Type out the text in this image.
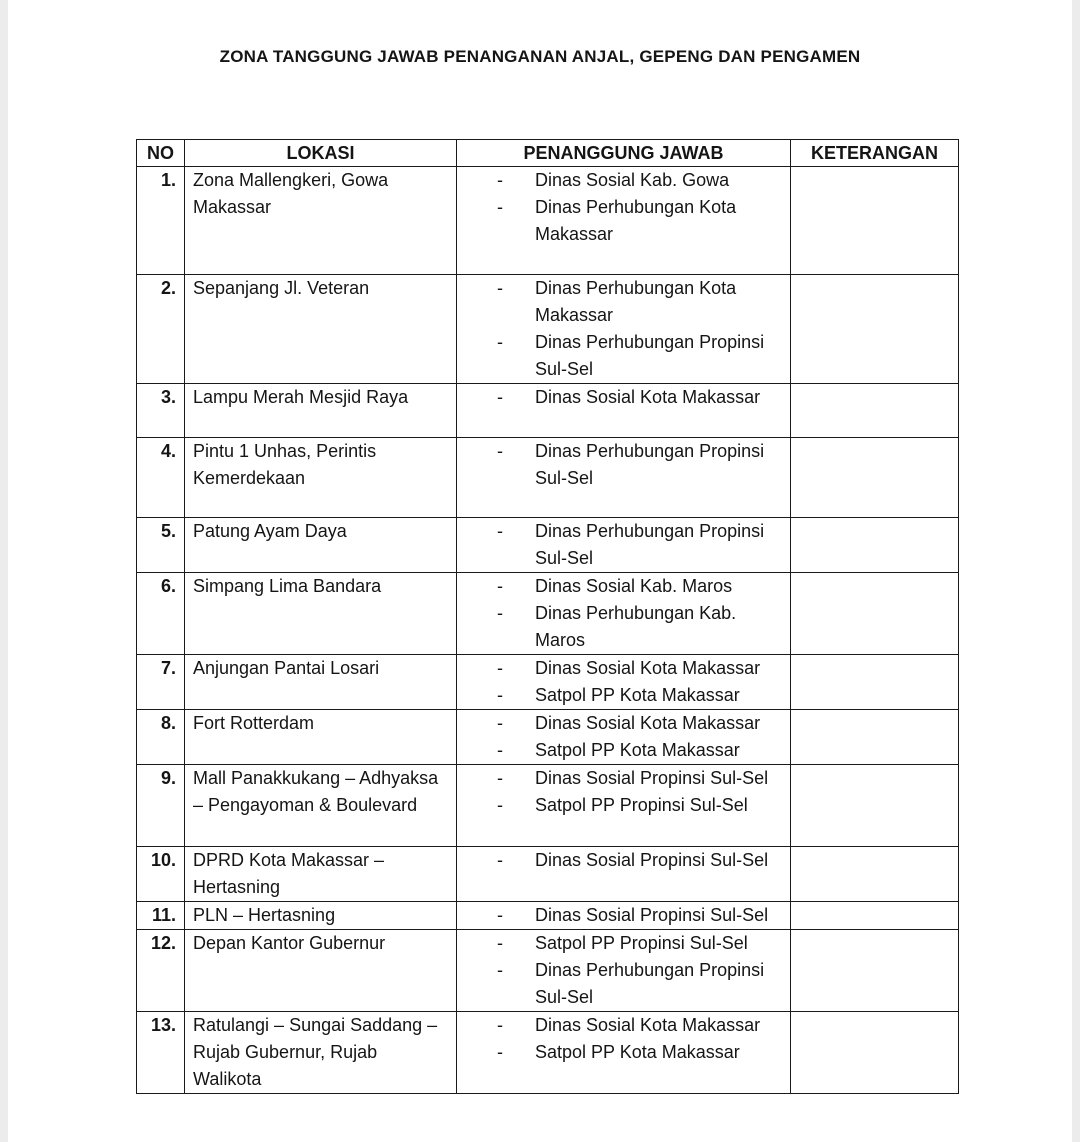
ZONA TANGGUNG JAWAB PENANGANAN ANJAL, GEPENG DAN PENGAMEN
NO	LOKASI	PENANGGUNG JAWAB	KETERANGAN
1.	Zona Mallengkeri, Gowa Makassar	- Dinas Sosial Kab. Gowa
- Dinas Perhubungan Kota Makassar	

2.	Sepanjang Jl. Veteran	- Dinas Perhubungan Kota Makassar
- Dinas Perhubungan Propinsi Sul-Sel	

3.	Lampu Merah Mesjid Raya	- Dinas Sosial Kota Makassar	

4.	Pintu 1 Unhas, Perintis Kemerdekaan	- Dinas Perhubungan Propinsi Sul-Sel	

5.	Patung Ayam Daya	- Dinas Perhubungan Propinsi Sul-Sel	

6.	Simpang Lima Bandara	- Dinas Sosial Kab. Maros
- Dinas Perhubungan Kab. Maros	

7.	Anjungan Pantai Losari	- Dinas Sosial Kota Makassar
- Satpol PP Kota Makassar	

8.	Fort Rotterdam	- Dinas Sosial Kota Makassar
- Satpol PP Kota Makassar	

9.	Mall Panakkukang – Adhyaksa – Pengayoman & Boulevard	- Dinas Sosial Propinsi Sul-Sel
- Satpol PP Propinsi Sul-Sel	

10.	DPRD Kota Makassar – Hertasning	- Dinas Sosial Propinsi Sul-Sel	

11.	PLN – Hertasning	- Dinas Sosial Propinsi Sul-Sel	

12.	Depan Kantor Gubernur	- Satpol PP Propinsi Sul-Sel
- Dinas Perhubungan Propinsi Sul-Sel	

13.	Ratulangi – Sungai Saddang – Rujab Gubernur, Rujab Walikota	- Dinas Sosial Kota Makassar
- Satpol PP Kota Makassar	
